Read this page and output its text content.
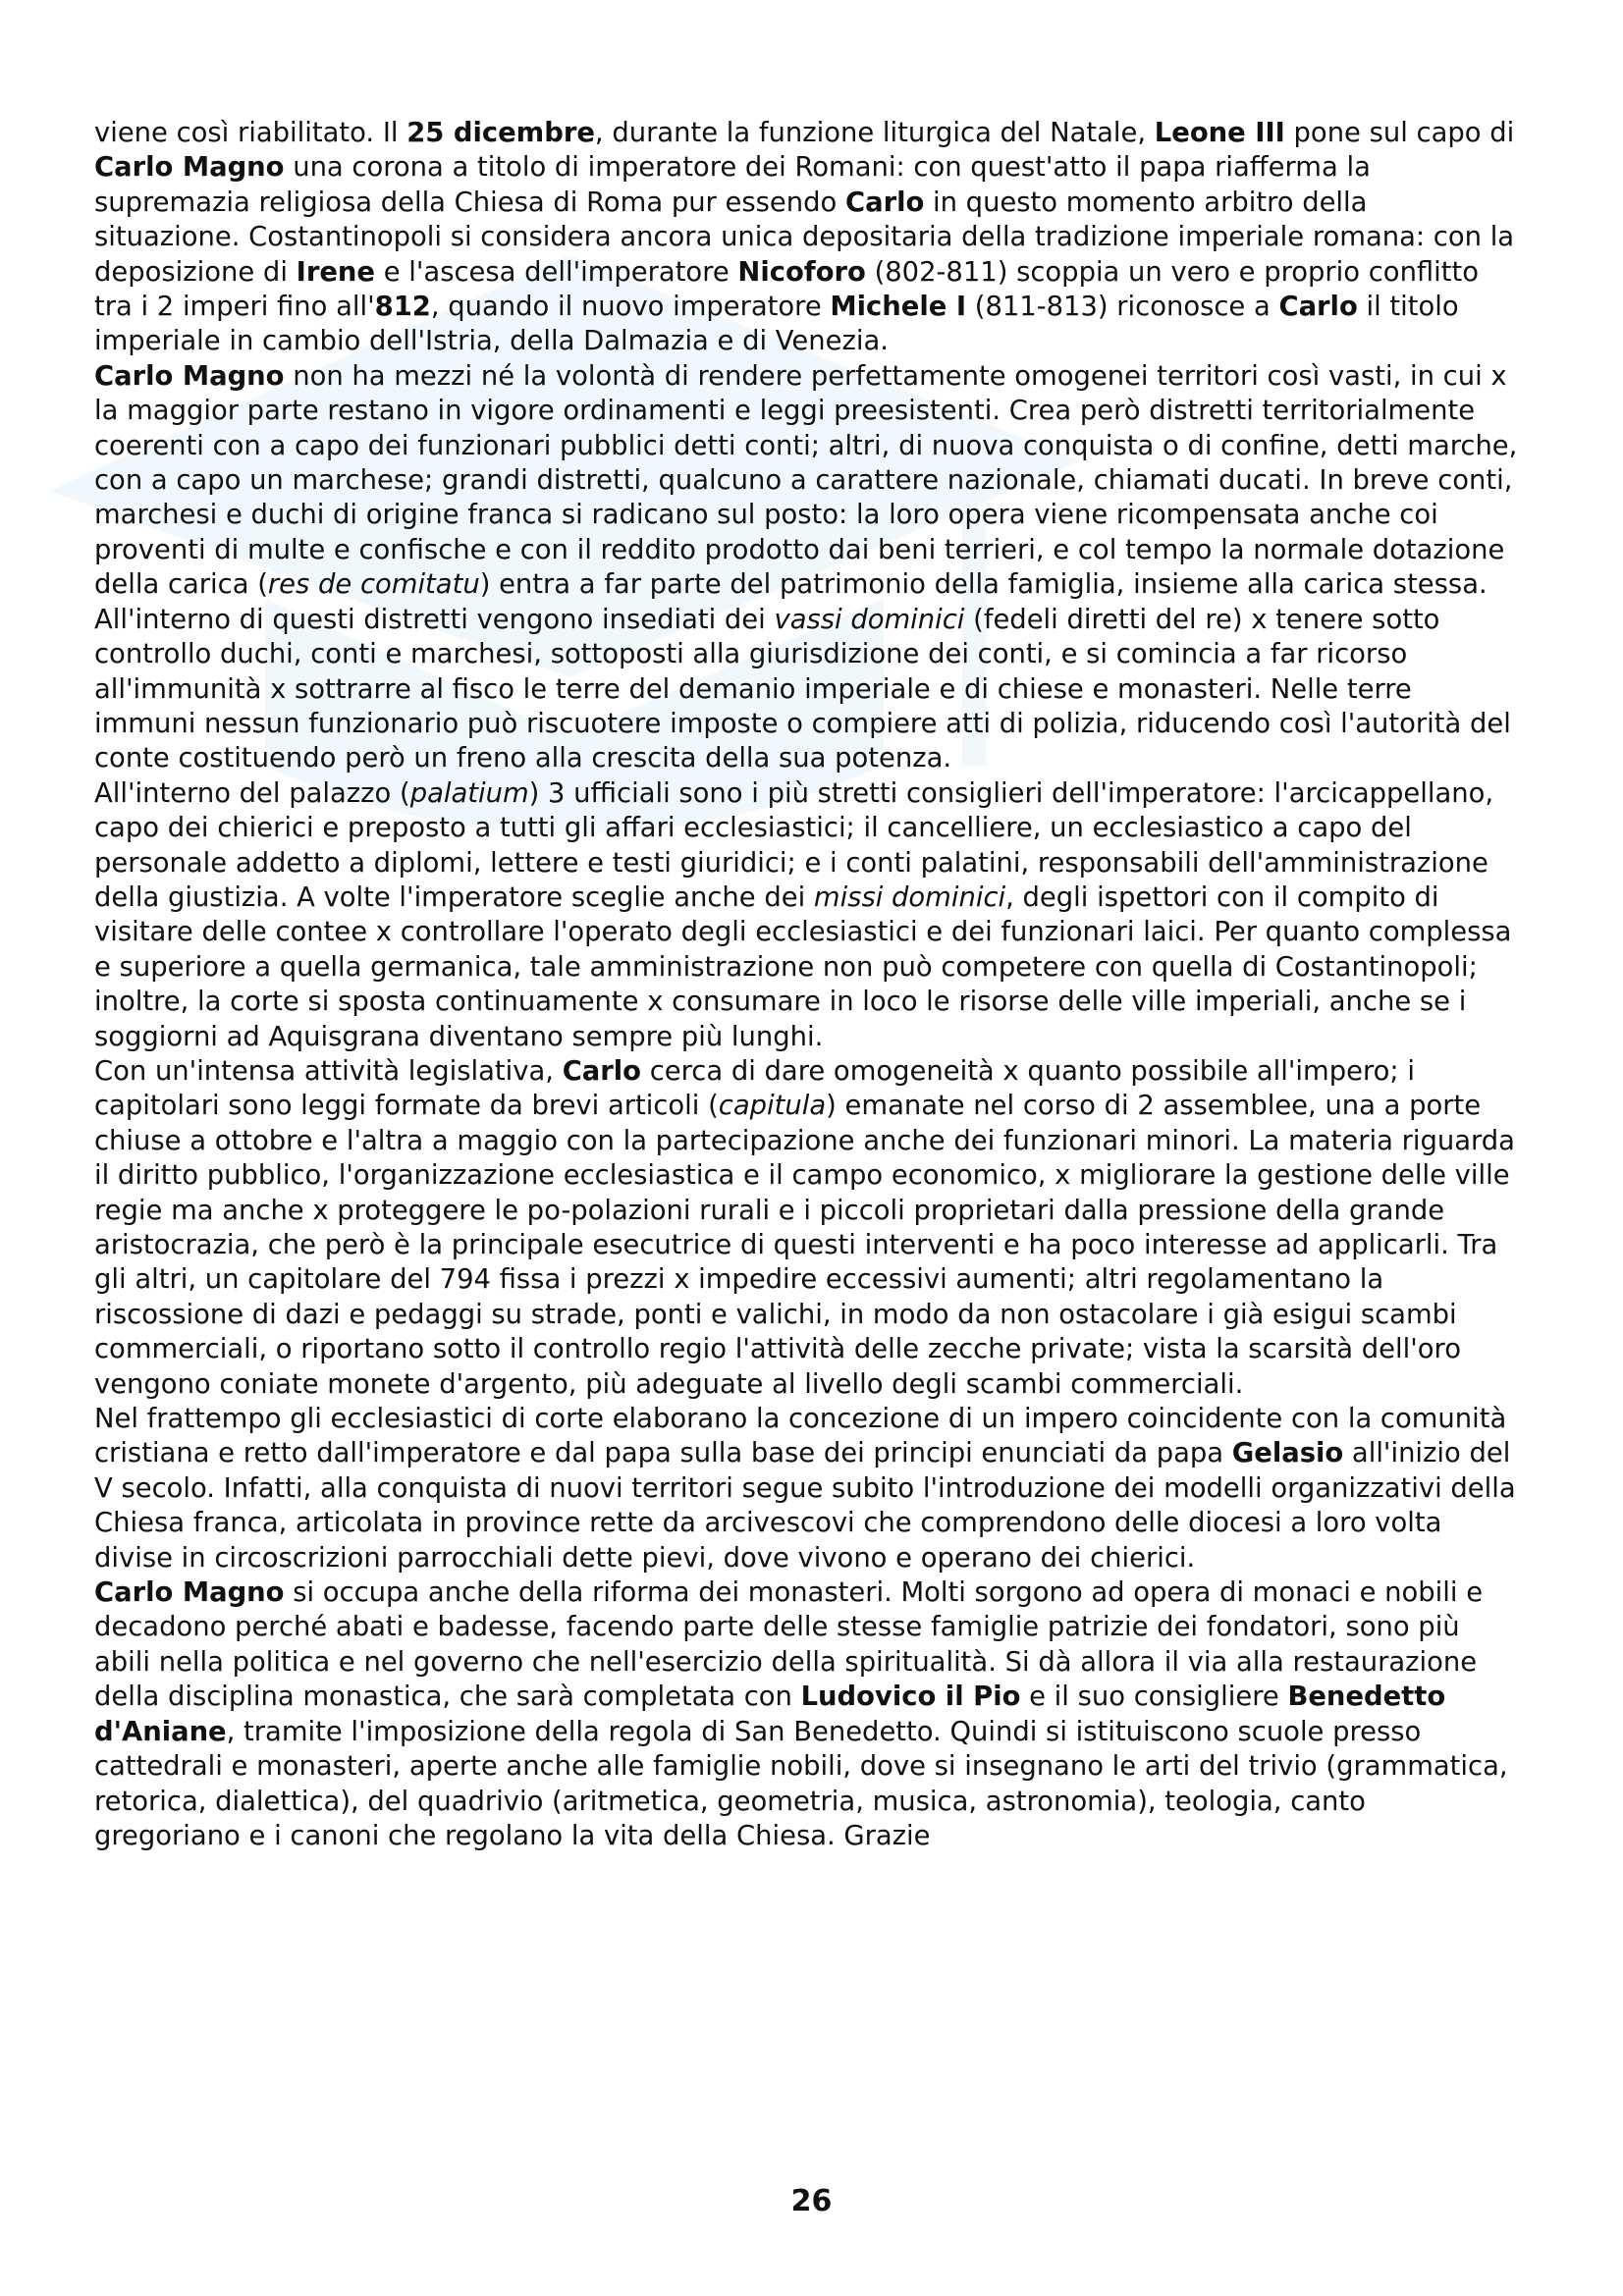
viene così riabilitato. Il 25 dicembre, durante la funzione liturgica del Natale, Leone III pone sul capo di Carlo Magno una corona a titolo di imperatore dei Romani: con quest'atto il papa riafferma la supremazia religiosa della Chiesa di Roma pur essendo Carlo in questo momento arbitro della situazione. Costantinopoli si considera ancora unica depositaria della tradizione imperiale romana: con la deposizione di Irene e l'ascesa dell'imperatore Nicoforo (802-811) scoppia un vero e proprio conflitto tra i 2 imperi fino all'812, quando il nuovo imperatore Michele I (811-813) riconosce a Carlo il titolo imperiale in cambio dell'Istria, della Dalmazia e di Venezia.

Carlo Magno non ha mezzi né la volontà di rendere perfettamente omogenei territori così vasti, in cui x la maggior parte restano in vigore ordinamenti e leggi preesistenti. Crea però distretti territorialmente coerenti con a capo dei funzionari pubblici detti conti; altri, di nuova conquista o di confine, detti marche, con a capo un marchese; grandi distretti, qualcuno a carattere nazionale, chiamati ducati. In breve conti, marchesi e duchi di origine franca si radicano sul posto: la loro opera viene ricompensata anche coi proventi di multe e confische e con il reddito prodotto dai beni terrieri, e col tempo la normale dotazione della carica (res de comitatu) entra a far parte del patrimonio della famiglia, insieme alla carica stessa. All'interno di questi distretti vengono insediati dei vassi dominici (fedeli diretti del re) x tenere sotto controllo duchi, conti e marchesi, sottoposti alla giurisdizione dei conti, e si comincia a far ricorso all'immunità x sottrarre al fisco le terre del demanio imperiale e di chiese e monasteri. Nelle terre immuni nessun funzionario può riscuotere imposte o compiere atti di polizia, riducendo così l'autorità del conte costituendo però un freno alla crescita della sua potenza.

All'interno del palazzo (palatium) 3 ufficiali sono i più stretti consiglieri dell'imperatore: l'arcicappellano, capo dei chierici e preposto a tutti gli affari ecclesiastici; il cancelliere, un ecclesiastico a capo del personale addetto a diplomi, lettere e testi giuridici; e i conti palatini, responsabili dell'amministrazione della giustizia. A volte l'imperatore sceglie anche dei missi dominici, degli ispettori con il compito di visitare delle contee x controllare l'operato degli ecclesiastici e dei funzionari laici. Per quanto complessa e superiore a quella germanica, tale amministrazione non può competere con quella di Costantinopoli; inoltre, la corte si sposta continuamente x consumare in loco le risorse delle ville imperiali, anche se i soggiorni ad Aquisgrana diventano sempre più lunghi.

Con un'intensa attività legislativa, Carlo cerca di dare omogeneità x quanto possibile all'impero; i capitolari sono leggi formate da brevi articoli (capitula) emanate nel corso di 2 assemblee, una a porte chiuse a ottobre e l'altra a maggio con la partecipazione anche dei funzionari minori. La materia riguarda il diritto pubblico, l'organizzazione ecclesiastica e il campo economico, x migliorare la gestione delle ville regie ma anche x proteggere le po-polazioni rurali e i piccoli proprietari dalla pressione della grande aristocrazia, che però è la principale esecutrice di questi interventi e ha poco interesse ad applicarli. Tra gli altri, un capitolare del 794 fissa i prezzi x impedire eccessivi aumenti; altri regolamentano la riscossione di dazi e pedaggi su strade, ponti e valichi, in modo da non ostacolare i già esigui scambi commerciali, o riportano sotto il controllo regio l'attività delle zecche private; vista la scarsità dell'oro vengono coniate monete d'argento, più adeguate al livello degli scambi commerciali.

Nel frattempo gli ecclesiastici di corte elaborano la concezione di un impero coincidente con la comunità cristiana e retto dall'imperatore e dal papa sulla base dei principi enunciati da papa Gelasio all'inizio del V secolo. Infatti, alla conquista di nuovi territori segue subito l'introduzione dei modelli organizzativi della Chiesa franca, articolata in province rette da arcivescovi che comprendono delle diocesi a loro volta divise in circoscrizioni parrocchiali dette pievi, dove vivono e operano dei chierici.

Carlo Magno si occupa anche della riforma dei monasteri. Molti sorgono ad opera di monaci e nobili e decadono perché abati e badesse, facendo parte delle stesse famiglie patrizie dei fondatori, sono più abili nella politica e nel governo che nell'esercizio della spiritualità. Si dà allora il via alla restaurazione della disciplina monastica, che sarà completata con Ludovico il Pio e il suo consigliere Benedetto d'Aniane, tramite l'imposizione della regola di San Benedetto. Quindi si istituiscono scuole presso cattedrali e monasteri, aperte anche alle famiglie nobili, dove si insegnano le arti del trivio (grammatica, retorica, dialettica), del quadrivio (aritmetica, geometria, musica, astronomia), teologia, canto gregoriano e i canoni che regolano la vita della Chiesa. Grazie

26
